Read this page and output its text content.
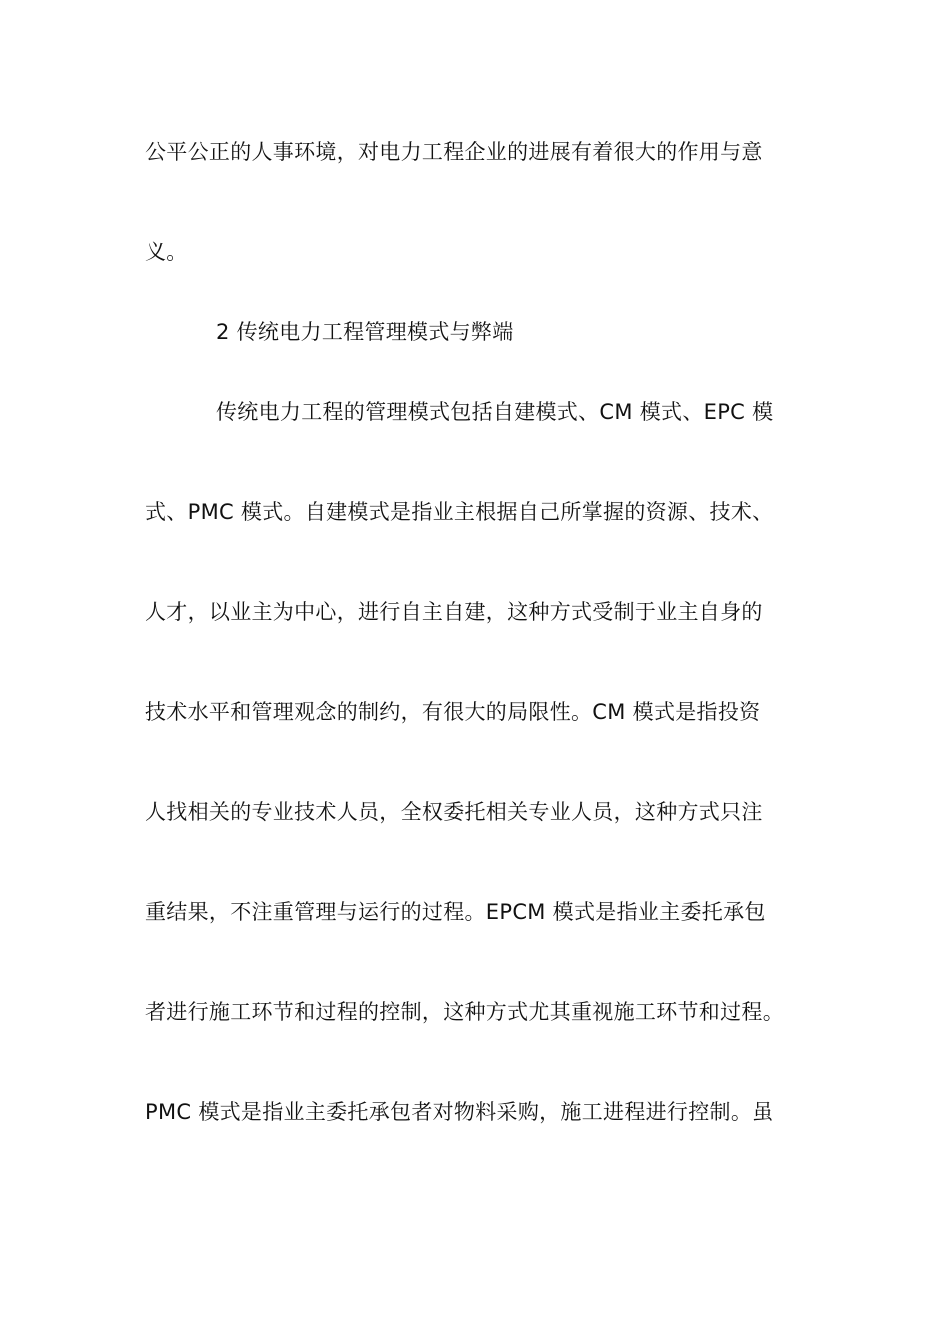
公平公正的人事环境，对电力工程企业的进展有着很大的作用与意
义。
2 传统电力工程管理模式与弊端
传统电力工程的管理模式包括自建模式、CM 模式、EPC 模
式、PMC 模式。自建模式是指业主根据自己所掌握的资源、技术、
人才，以业主为中心，进行自主自建，这种方式受制于业主自身的
技术水平和管理观念的制约，有很大的局限性。CM 模式是指投资
人找相关的专业技术人员，全权委托相关专业人员，这种方式只注
重结果，不注重管理与运行的过程。EPCM 模式是指业主委托承包
者进行施工环节和过程的控制，这种方式尤其重视施工环节和过程。
PMC 模式是指业主委托承包者对物料采购，施工进程进行控制。虽
